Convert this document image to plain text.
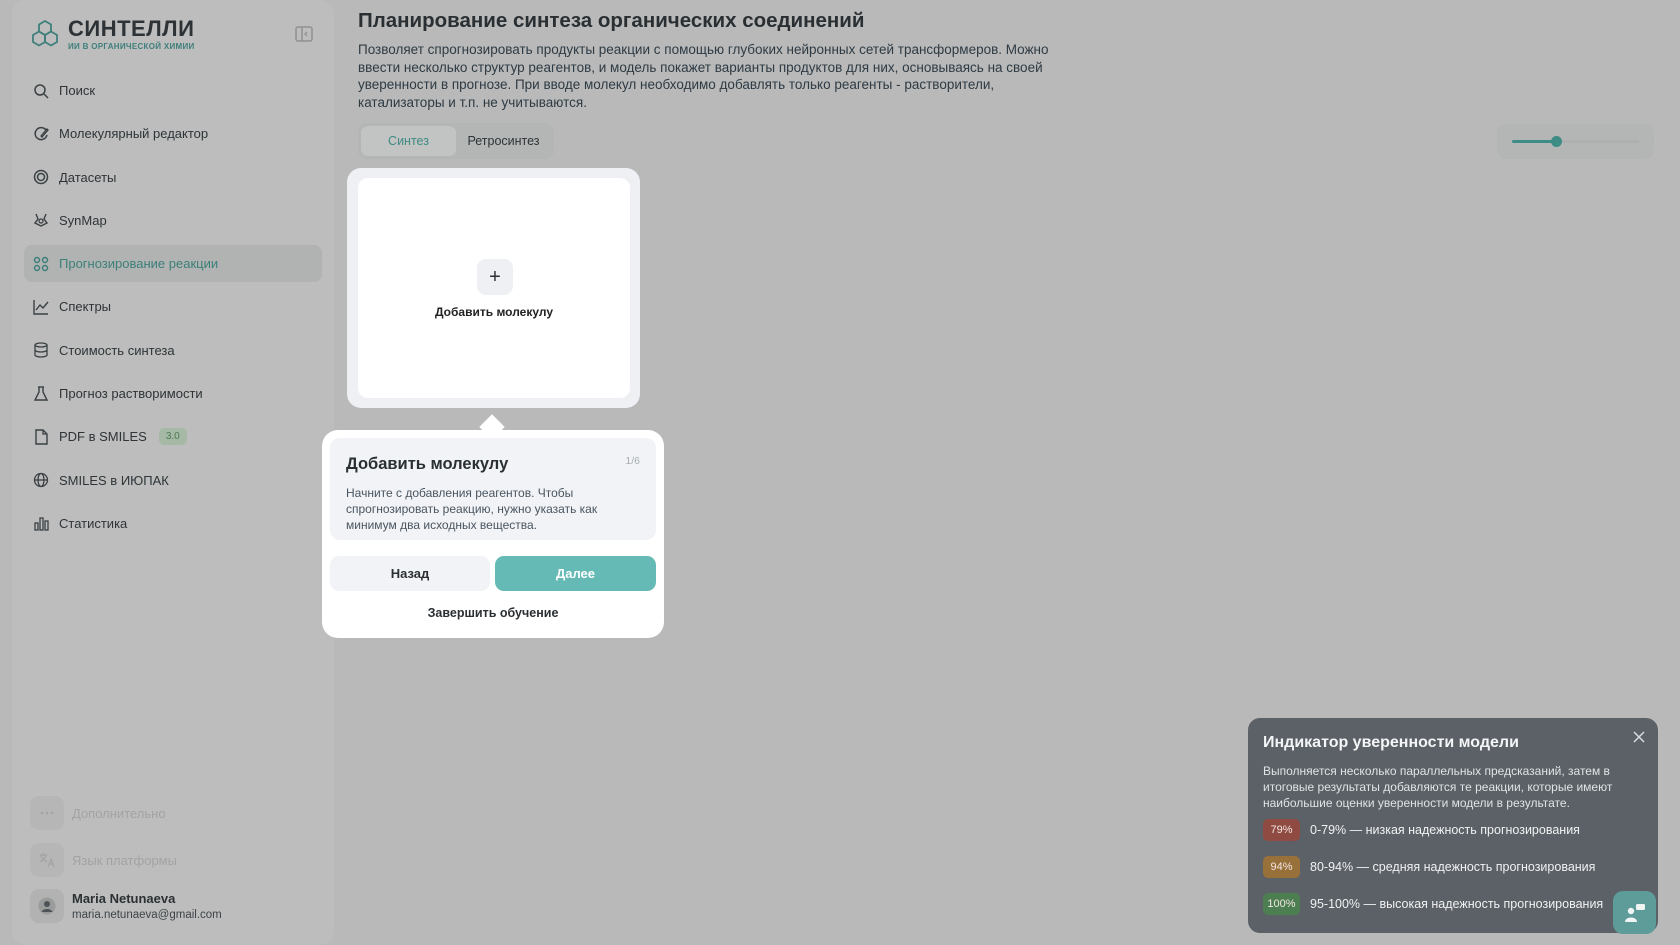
СИНТЕЛЛИ
ИИ В ОРГАНИЧЕСКОЙ ХИМИИ
Поиск
Молекулярный редактор
Датасеты
SynMap
Прогнозирование реакции
Спектры
Стоимость синтеза
Прогноз растворимости
PDF в SMILES	3.0
SMILES в ИЮПАК
Статистика
Дополнительно
Язык платформы
Maria Netunaeva
maria.netunaeva@gmail.com
Планирование синтеза органических соединений

Позволяет спрогнозировать продукты реакции с помощью глубоких нейронных сетей трансформеров. Можно ввести несколько структур реагентов, и модель покажет варианты продуктов для них, основываясь на своей уверенности в прогнозе. При вводе молекул необходимо добавлять только реагенты - растворители, катализаторы и т.п. не учитываются.

Синтез	Ретросинтез
+
Добавить молекулу
Добавить молекулу	1/6
Начните с добавления реагентов. Чтобы спрогнозировать реакцию, нужно указать как минимум два исходных вещества.
Назад	Далее
Завершить обучение
Индикатор уверенности модели
Выполняется несколько параллельных предсказаний, затем в итоговые результаты добавляются те реакции, которые имеют наибольшие оценки уверенности модели в результате.
79%	0-79% — низкая надежность прогнозирования
94%	80-94% — средняя надежность прогнозирования
100%	95-100% — высокая надежность прогнозирования
